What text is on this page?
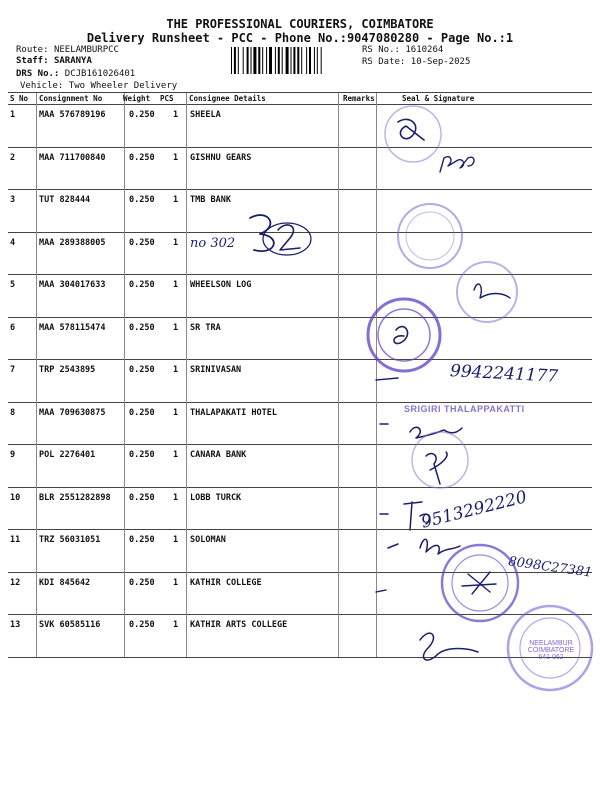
THE PROFESSIONAL COURIERS, COIMBATORE
Delivery Runsheet - PCC - Phone No.:9047080280 - Page No.:1
Route: NEELAMBURPCC
Staff: SARANYA
DRS No.: DCJB161026401
Vehicle: Two Wheeler Delivery
RS No.: 1610264
RS Date: 10-Sep-2025
S No Consignment No	Weight PCS Consignee Details	Remarks	Seal & Signature
1	MAA 576789196	0.250 1 SHEELA
2	MAA 711700840	0.250 1 GISHNU GEARS
3	TUT 828444	0.250 1 TMB BANK
4	MAA 289388005	0.250 1
5	MAA 304017633	0.250 1 WHEELSON LOG
6	MAA 578115474	0.250 1 SR TRA
7	TRP 2543895	0.250 1 SRINIVASAN
8	MAA 709630875	0.250 1 THALAPAKATI HOTEL
9	POL 2276401	0.250 1 CANARA BANK
10 BLR 2551282898 0.250 1 LOBB TURCK
11 TRZ 56031051	0.250 1 SOLOMAN
12 KDI 845642	0.250 1 KATHIR COLLEGE
13 SVK 60585116	0.250 1 KATHIR ARTS COLLEGE
no 302
9942241177
SRIGIRI THALAPPAKATTI
9513292220
8098C27381
NEELAMBUR COIMBATORE 641 062
